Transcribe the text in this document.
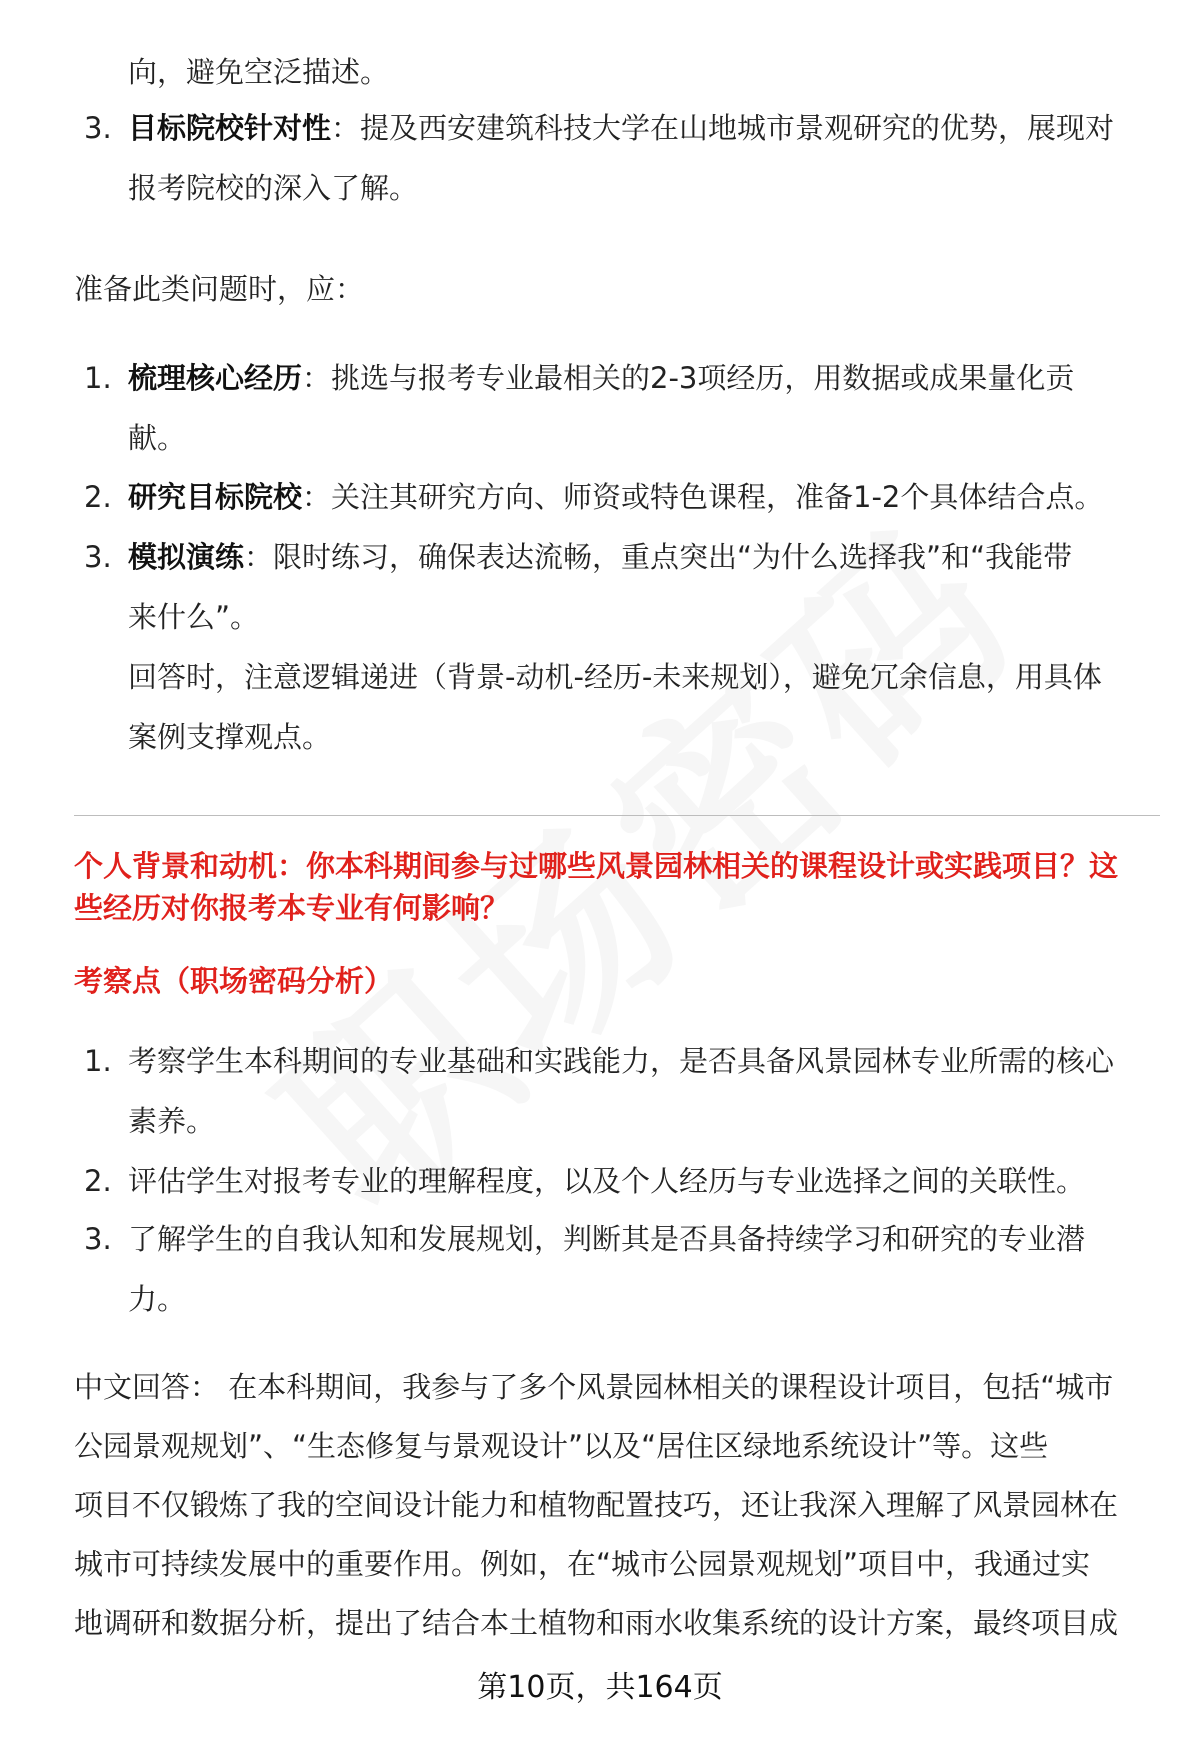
向，避免空泛描述。

3. 目标院校针对性：提及西安建筑科技大学在山地城市景观研究的优势，展现对
报考院校的深入了解。

准备此类问题时，应：

1. 梳理核心经历：挑选与报考专业最相关的2-3项经历，用数据或成果量化贡
献。
2. 研究目标院校：关注其研究方向、师资或特色课程，准备1-2个具体结合点。
3. 模拟演练：限时练习，确保表达流畅，重点突出“为什么选择我”和“我能带
来什么”。
回答时，注意逻辑递进（背景-动机-经历-未来规划），避免冗余信息，用具体
案例支撑观点。
个人背景和动机：你本科期间参与过哪些风景园林相关的课程设计或实践项目？这
些经历对你报考本专业有何影响？
考察点（职场密码分析）
1. 考察学生本科期间的专业基础和实践能力，是否具备风景园林专业所需的核心
素养。
2. 评估学生对报考专业的理解程度，以及个人经历与专业选择之间的关联性。
3. 了解学生的自我认知和发展规划，判断其是否具备持续学习和研究的专业潜
力。
中文回答： 在本科期间，我参与了多个风景园林相关的课程设计项目，包括“城市
公园景观规划”、“生态修复与景观设计”以及“居住区绿地系统设计”等。这些
项目不仅锻炼了我的空间设计能力和植物配置技巧，还让我深入理解了风景园林在
城市可持续发展中的重要作用。例如，在“城市公园景观规划”项目中，我通过实
地调研和数据分析，提出了结合本土植物和雨水收集系统的设计方案，最终项目成
第10页，共164页
